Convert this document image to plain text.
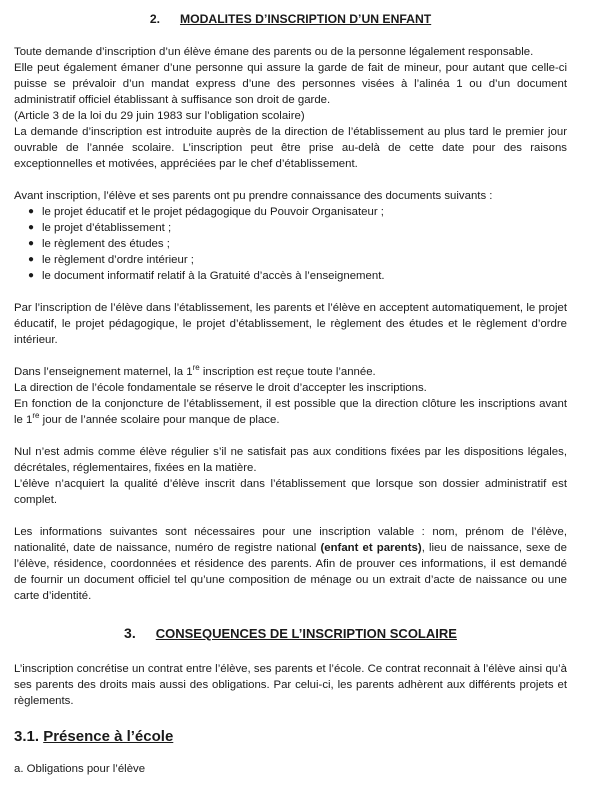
2. MODALITES D’INSCRIPTION D’UN ENFANT

Toute demande d’inscription d’un élève émane des parents ou de la personne légalement responsable.

Elle peut également émaner d’une personne qui assure la garde de fait de mineur, pour autant que celle-ci puisse se prévaloir d’un mandat express d’une des personnes visées à l’alinéa 1 ou d’un document administratif officiel établissant à suffisance son droit de garde.

(Article 3 de la loi du 29 juin 1983 sur l’obligation scolaire)

La demande d’inscription est introduite auprès de la direction de l’établissement au plus tard le premier jour ouvrable de l’année scolaire. L’inscription peut être prise au-delà de cette date pour des raisons exceptionnelles et motivées, appréciées par le chef d’établissement.

Avant inscription, l’élève et ses parents ont pu prendre connaissance des documents suivants :

● le projet éducatif et le projet pédagogique du Pouvoir Organisateur ;
● le projet d’établissement ;
● le règlement des études ;
● le règlement d’ordre intérieur ;
● le document informatif relatif à la Gratuité d’accès à l’enseignement.

Par l’inscription de l’élève dans l’établissement, les parents et l’élève en acceptent automatiquement, le projet éducatif, le projet pédagogique, le projet d’établissement, le règlement des études et le règlement d’ordre intérieur.

Dans l’enseignement maternel, la 1re inscription est reçue toute l’année.

La direction de l’école fondamentale se réserve le droit d’accepter les inscriptions.

En fonction de la conjoncture de l’établissement, il est possible que la direction clôture les inscriptions avant le 1re jour de l’année scolaire pour manque de place.

Nul n’est admis comme élève régulier s’il ne satisfait pas aux conditions fixées par les dispositions légales, décrétales, réglementaires, fixées en la matière.

L’élève n’acquiert la qualité d’élève inscrit dans l’établissement que lorsque son dossier administratif est complet.

Les informations suivantes sont nécessaires pour une inscription valable : nom, prénom de l’élève, nationalité, date de naissance, numéro de registre national (enfant et parents), lieu de naissance, sexe de l’élève, résidence, coordonnées et résidence des parents. Afin de prouver ces informations, il est demandé de fournir un document officiel tel qu’une composition de ménage ou un extrait d’acte de naissance ou une carte d’identité.

3. CONSEQUENCES DE L’INSCRIPTION SCOLAIRE

L’inscription concrétise un contrat entre l’élève, ses parents et l’école. Ce contrat reconnait à l’élève ainsi qu’à ses parents des droits mais aussi des obligations. Par celui-ci, les parents adhèrent aux différents projets et règlements.

3.1. Présence à l’école

a. Obligations pour l’élève
